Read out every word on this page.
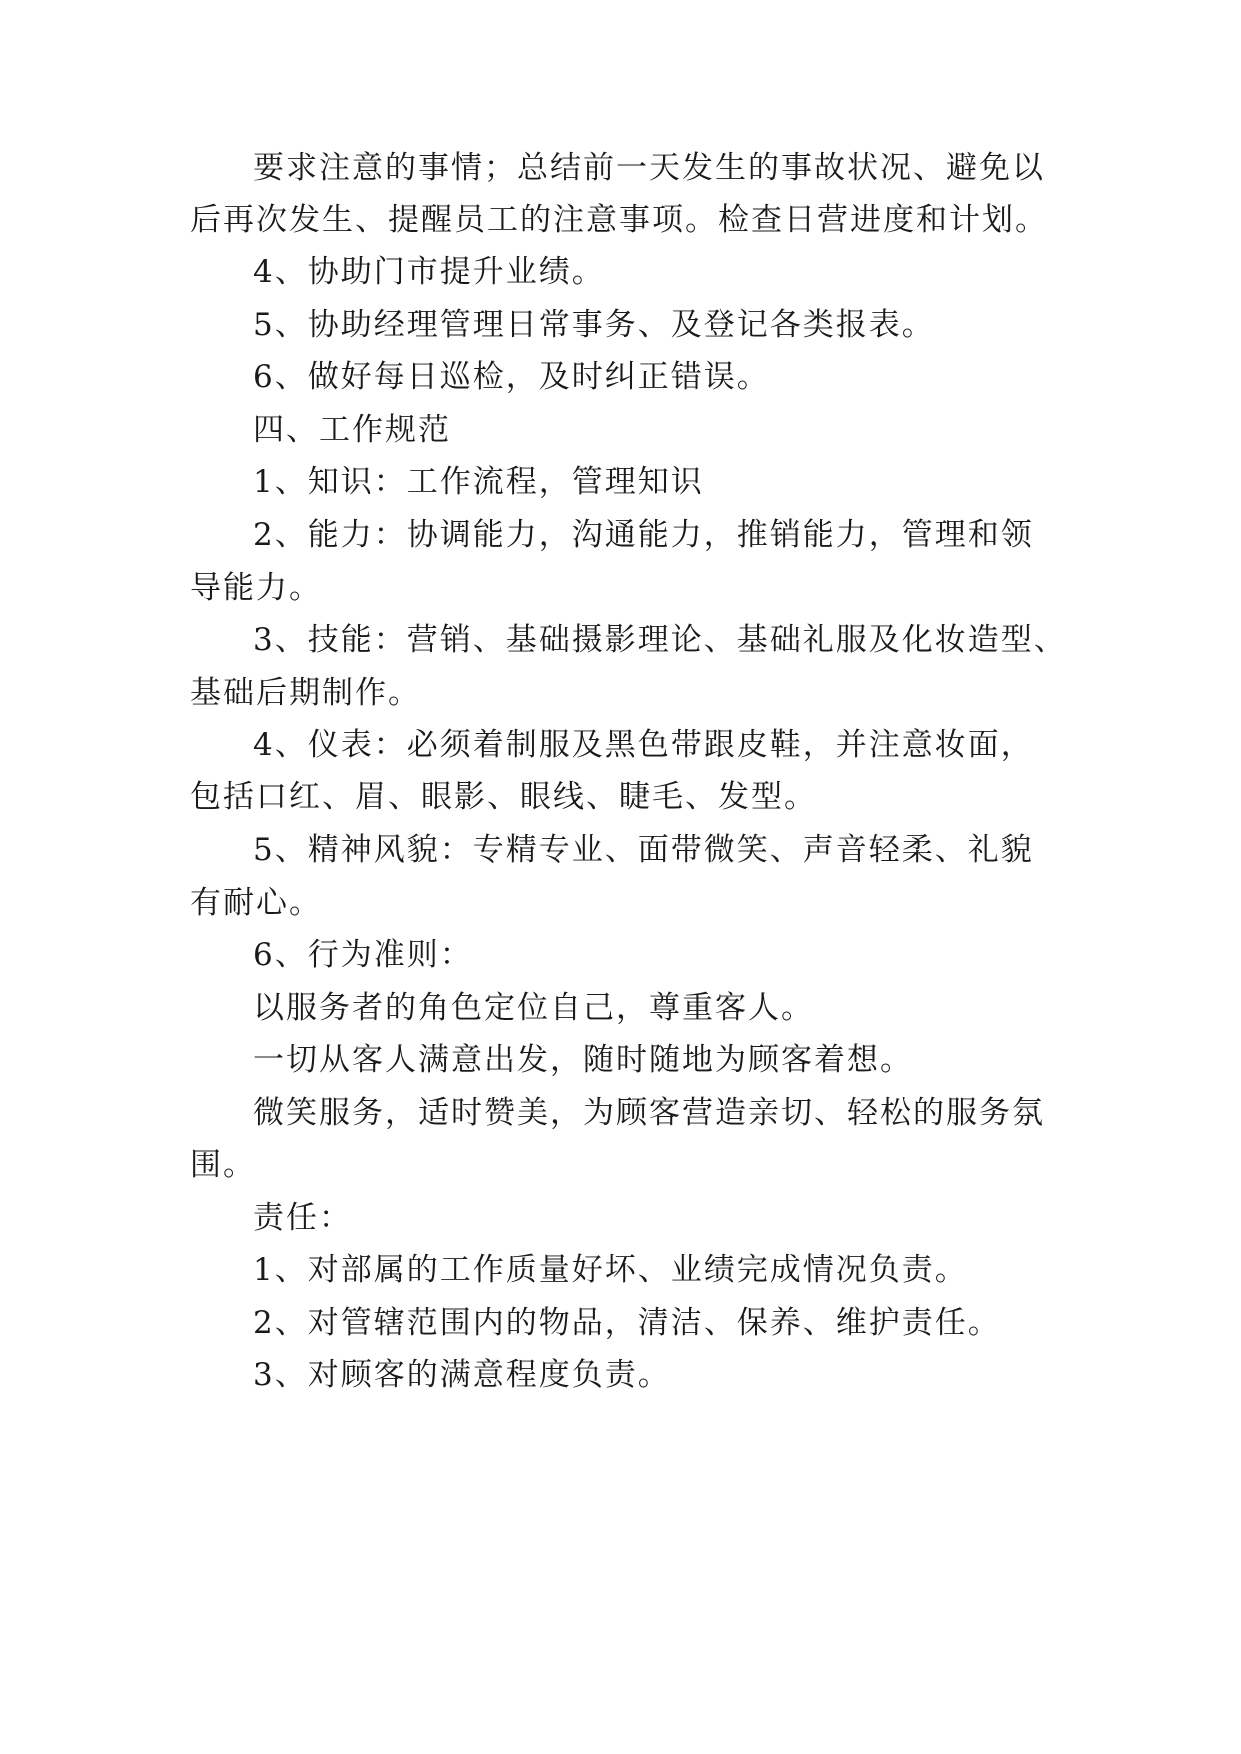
要求注意的事情；总结前一天发生的事故状况、避免以
后再次发生、提醒员工的注意事项。检查日营进度和计划。
4、协助门市提升业绩。
5、协助经理管理日常事务、及登记各类报表。
6、做好每日巡检，及时纠正错误。
四、工作规范
1、知识：工作流程，管理知识
2、能力：协调能力，沟通能力，推销能力，管理和领
导能力。
3、技能：营销、基础摄影理论、基础礼服及化妆造型、
基础后期制作。
4、仪表：必须着制服及黑色带跟皮鞋，并注意妆面，
包括口红、眉、眼影、眼线、睫毛、发型。
5、精神风貌：专精专业、面带微笑、声音轻柔、礼貌
有耐心。
6、行为准则：
以服务者的角色定位自己，尊重客人。
一切从客人满意出发，随时随地为顾客着想。
微笑服务，适时赞美，为顾客营造亲切、轻松的服务氛
围。
责任：
1、对部属的工作质量好坏、业绩完成情况负责。
2、对管辖范围内的物品，清洁、保养、维护责任。
3、对顾客的满意程度负责。
